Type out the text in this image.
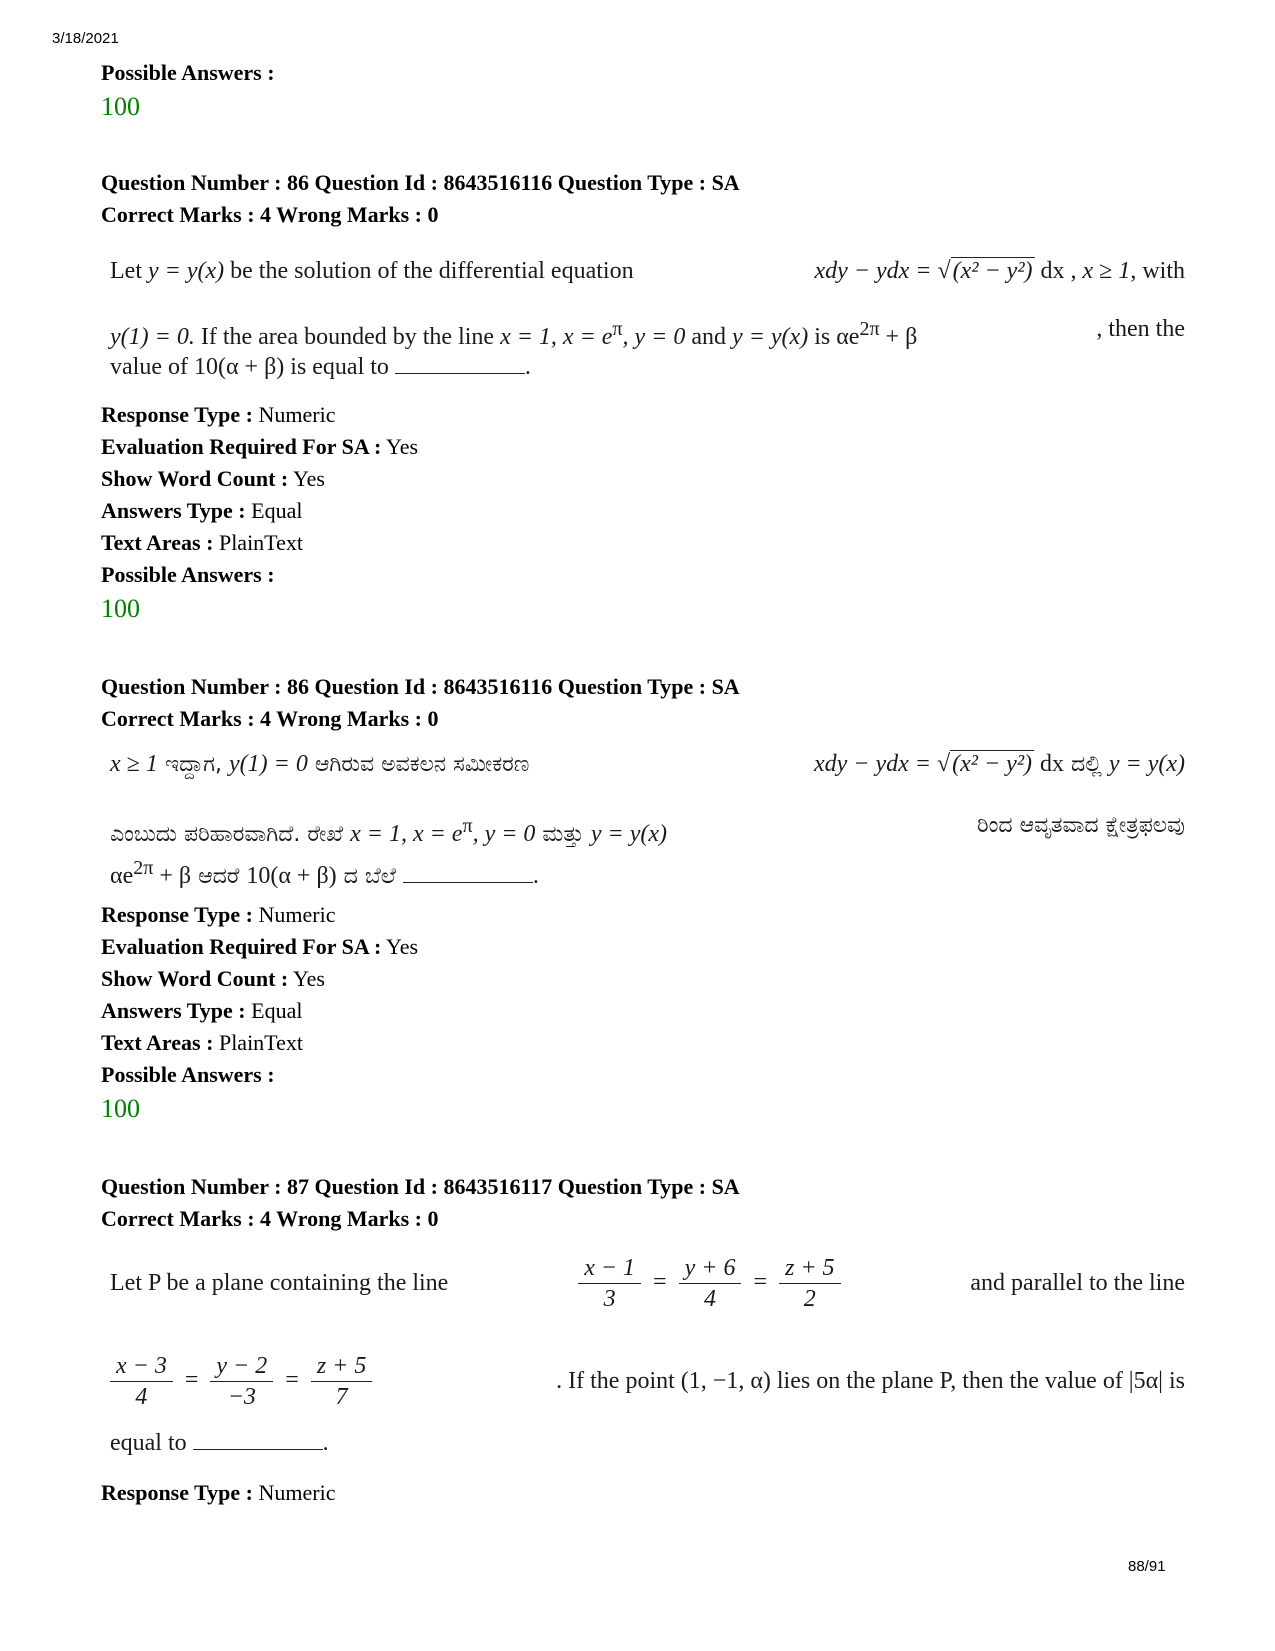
3/18/2021
Possible Answers :
100
Question Number : 86 Question Id : 8643516116 Question Type : SA
Correct Marks : 4 Wrong Marks : 0
Let y = y(x) be the solution of the differential equation	xdy − ydx = √(x² − y²) dx , x ≥ 1, with
y(1) = 0. If the area bounded by the line x = 1, $x = e^\pi$, y = 0 and y = y(x) is $\alpha e^{2\pi} + \beta$	, then the
value of 10(α + β) is equal to	.
Response Type : Numeric
Evaluation Required For SA : Yes
Show Word Count : Yes
Answers Type : Equal
Text Areas : PlainText
Possible Answers :
100
Question Number : 86 Question Id : 8643516116 Question Type : SA
Correct Marks : 4 Wrong Marks : 0
x ≥ 1 ಇದ್ದಾಗ, y(1) = 0 ಆಗಿರುವ ಅವಕಲನ ಸಮೀಕರಣ	xdy − ydx = √(x² − y²) dx ದಲ್ಲಿ y = y(x)
ಎಂಬುದು ಪರಿಹಾರವಾಗಿದೆ. ರೇಖೆ x = 1, $x = e^\pi$, y = 0 ಮತ್ತು y = y(x)	ರಿಂದ ಆವೃತವಾದ ಕ್ಷೇತ್ರಫಲವು
$\alpha e^{2\pi} + \beta$ ಆದರೆ 10(α + β) ದ ಬೆಲೆ	.
Response Type : Numeric
Evaluation Required For SA : Yes
Show Word Count : Yes
Answers Type : Equal
Text Areas : PlainText
Possible Answers :
100
Question Number : 87 Question Id : 8643516117 Question Type : SA
Correct Marks : 4 Wrong Marks : 0
Let P be a plane containing the line	$\frac{x - 1}{3} = \frac{y + 6}{4} = \frac{z + 5}{2}$	and parallel to the line
$\frac{x - 3}{4} = \frac{y - 2}{-3} = \frac{z + 5}{7}$	. If the point (1, −1, α) lies on the plane P, then the value of |5α| is
equal to	.
Response Type : Numeric
88/91
